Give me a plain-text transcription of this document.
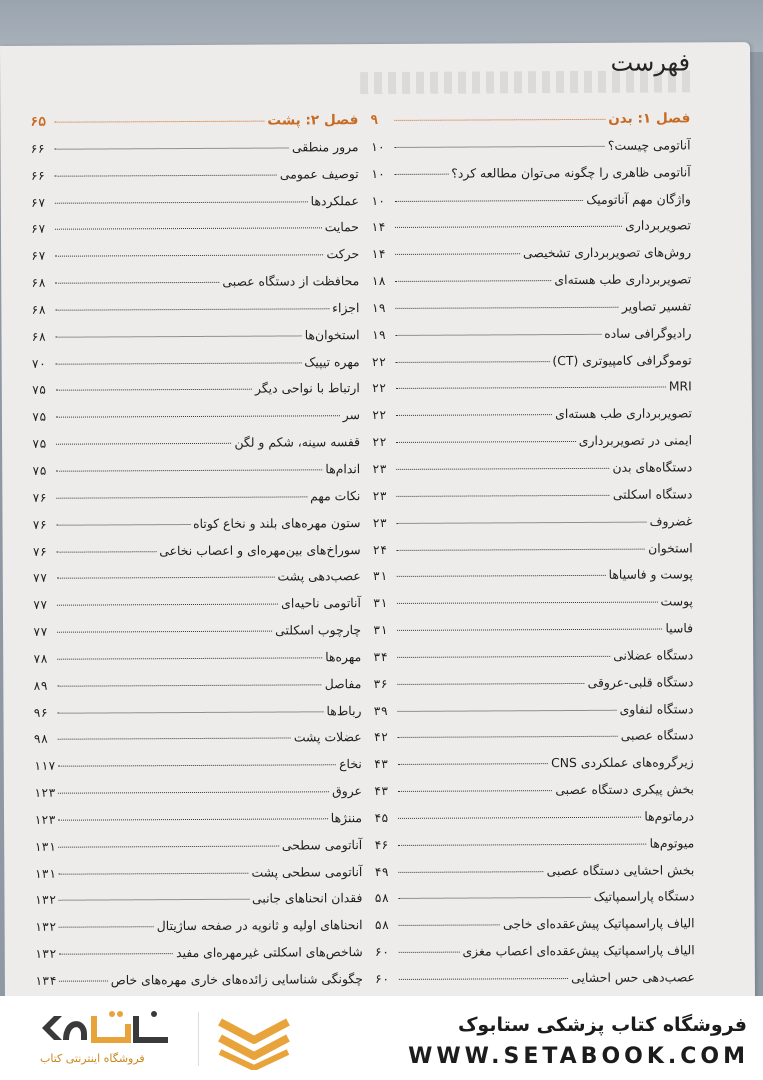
فهرست
فصل ۱: بدن
۹
آناتومی چیست؟
۱۰
آناتومی ظاهری را چگونه می‌توان مطالعه کرد؟
۱۰
واژگان مهم آناتومیک
۱۰
تصویربرداری
۱۴
روش‌های تصویربرداری تشخیصی
۱۴
تصویربرداری طب هسته‌ای
۱۸
تفسیر تصاویر
۱۹
رادیوگرافی ساده
۱۹
توموگرافی کامپیوتری (CT)
۲۲
MRI
۲۲
تصویربرداری طب هسته‌ای
۲۲
ایمنی در تصویربرداری
۲۲
دستگاه‌های بدن
۲۳
دستگاه اسکلتی
۲۳
غضروف
۲۳
استخوان
۲۴
پوست و فاسیاها
۳۱
پوست
۳۱
فاسیا
۳۱
دستگاه عضلانی
۳۴
دستگاه قلبی-عروقی
۳۶
دستگاه لنفاوی
۳۹
دستگاه عصبی
۴۲
زیرگروه‌های عملکردی CNS
۴۳
بخش پیکری دستگاه عصبی
۴۳
درماتوم‌ها
۴۵
میوتوم‌ها
۴۶
بخش احشایی دستگاه عصبی
۴۹
دستگاه پاراسمپاتیک
۵۸
الیاف پاراسمپاتیک پیش‌عقده‌ای خاجی
۵۸
الیاف پاراسمپاتیک پیش‌عقده‌ای اعصاب مغزی
۶۰
عصب‌دهی حس احشایی
۶۰
فصل ۲: پشت
۶۵
مرور منطقی
۶۶
توصیف عمومی
۶۶
عملکردها
۶۷
حمایت
۶۷
حرکت
۶۷
محافظت از دستگاه عصبی
۶۸
اجزاء
۶۸
استخوان‌ها
۶۸
مهره تیپیک
۷۰
ارتباط با نواحی دیگر
۷۵
سر
۷۵
قفسه سینه، شکم و لگن
۷۵
اندام‌ها
۷۵
نکات مهم
۷۶
ستون مهره‌های بلند و نخاع کوتاه
۷۶
سوراخ‌های بین‌مهره‌ای و اعصاب نخاعی
۷۶
عصب‌دهی پشت
۷۷
آناتومی ناحیه‌ای
۷۷
چارچوب اسکلتی
۷۷
مهره‌ها
۷۸
مفاصل
۸۹
رباط‌ها
۹۶
عضلات پشت
۹۸
نخاع
۱۱۷
عروق
۱۲۳
مننژها
۱۲۳
آناتومی سطحی
۱۳۱
آناتومی سطحی پشت
۱۳۱
فقدان انحناهای جانبی
۱۳۲
انحناهای اولیه و ثانویه در صفحه ساژیتال
۱۳۲
شاخص‌های اسکلتی غیرمهره‌ای مفید
۱۳۲
چگونگی شناسایی زائده‌های خاری مهره‌های خاص
۱۳۴
فروشگاه کتاب پزشکی ستابوک
WWW.SETABOOK.COM
فروشگاه اینترنتی کتاب
